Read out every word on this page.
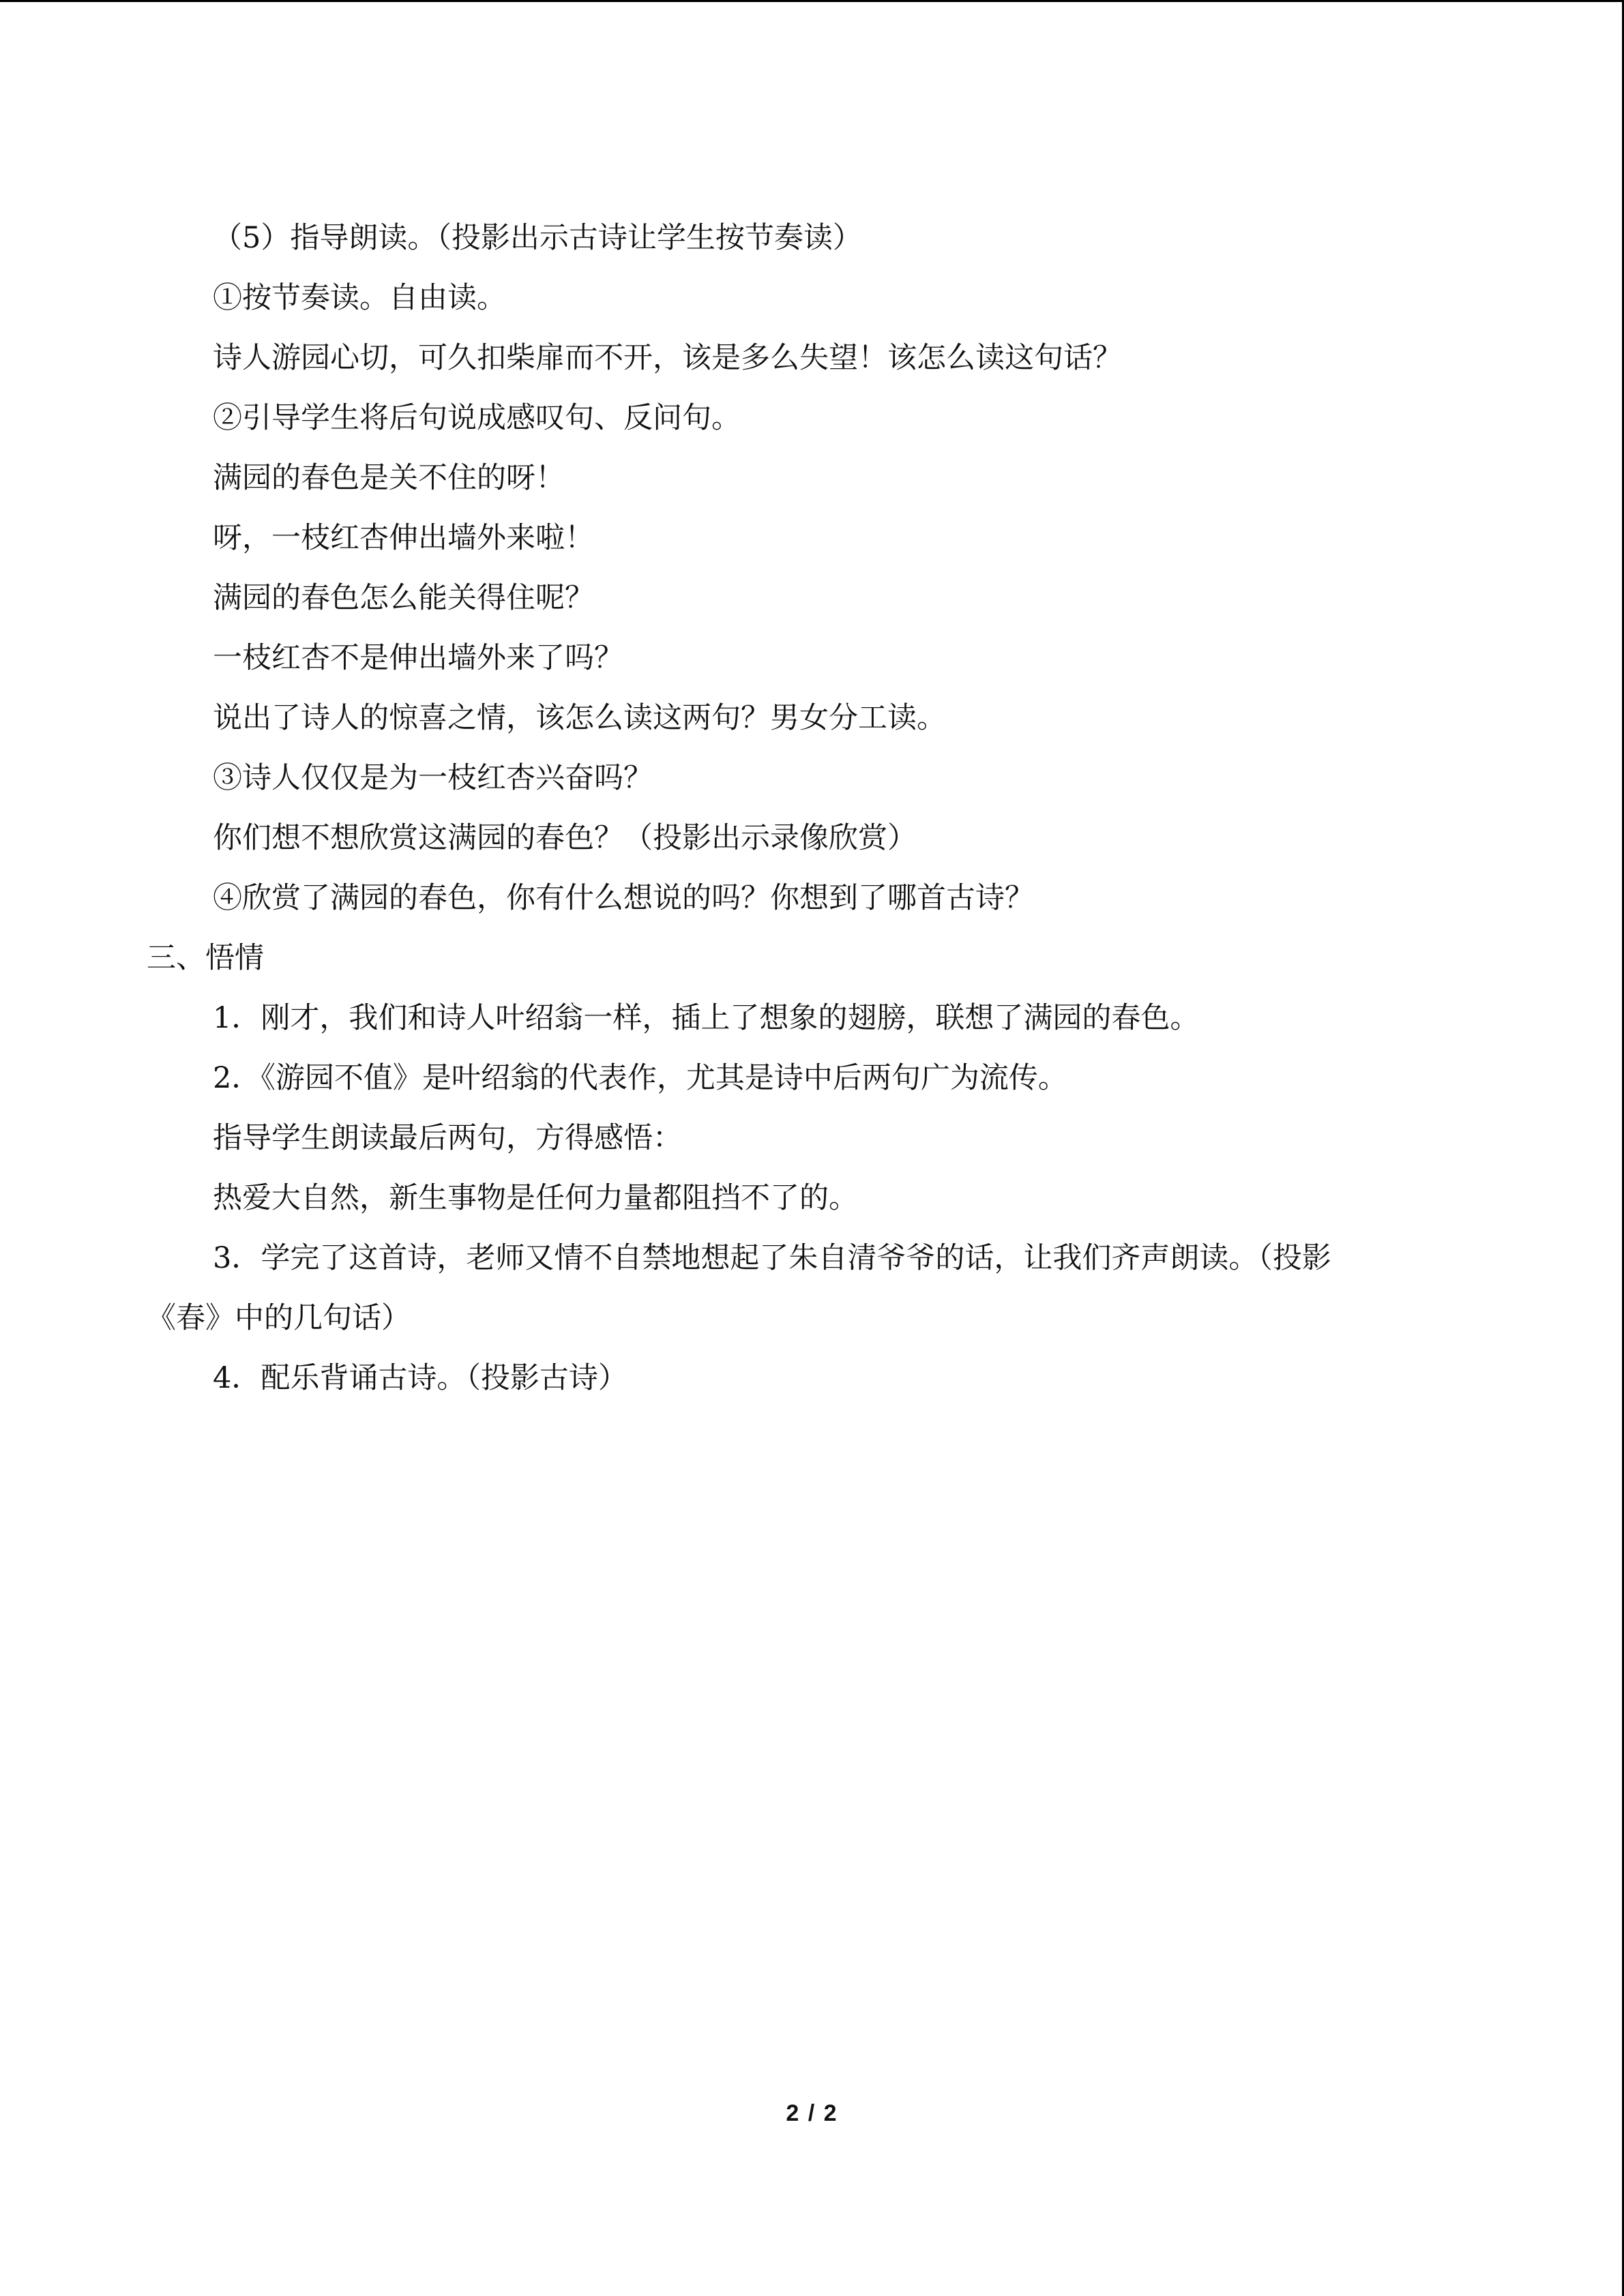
（5）指导朗读。（投影出示古诗让学生按节奏读）
①按节奏读。自由读。
诗人游园心切，可久扣柴扉而不开，该是多么失望！该怎么读这句话？
②引导学生将后句说成感叹句、反问句。
满园的春色是关不住的呀！
呀，一枝红杏伸出墙外来啦！
满园的春色怎么能关得住呢？
一枝红杏不是伸出墙外来了吗？
说出了诗人的惊喜之情，该怎么读这两句？男女分工读。
③诗人仅仅是为一枝红杏兴奋吗？
你们想不想欣赏这满园的春色？（投影出示录像欣赏）
④欣赏了满园的春色，你有什么想说的吗？你想到了哪首古诗？
三、悟情
1．刚才，我们和诗人叶绍翁一样，插上了想象的翅膀，联想了满园的春色。
2．《游园不值》是叶绍翁的代表作，尤其是诗中后两句广为流传。
指导学生朗读最后两句，方得感悟：
热爱大自然，新生事物是任何力量都阻挡不了的。
3．学完了这首诗，老师又情不自禁地想起了朱自清爷爷的话，让我们齐声朗读。（投影
《春》中的几句话）
4．配乐背诵古诗。（投影古诗）
2 / 2
